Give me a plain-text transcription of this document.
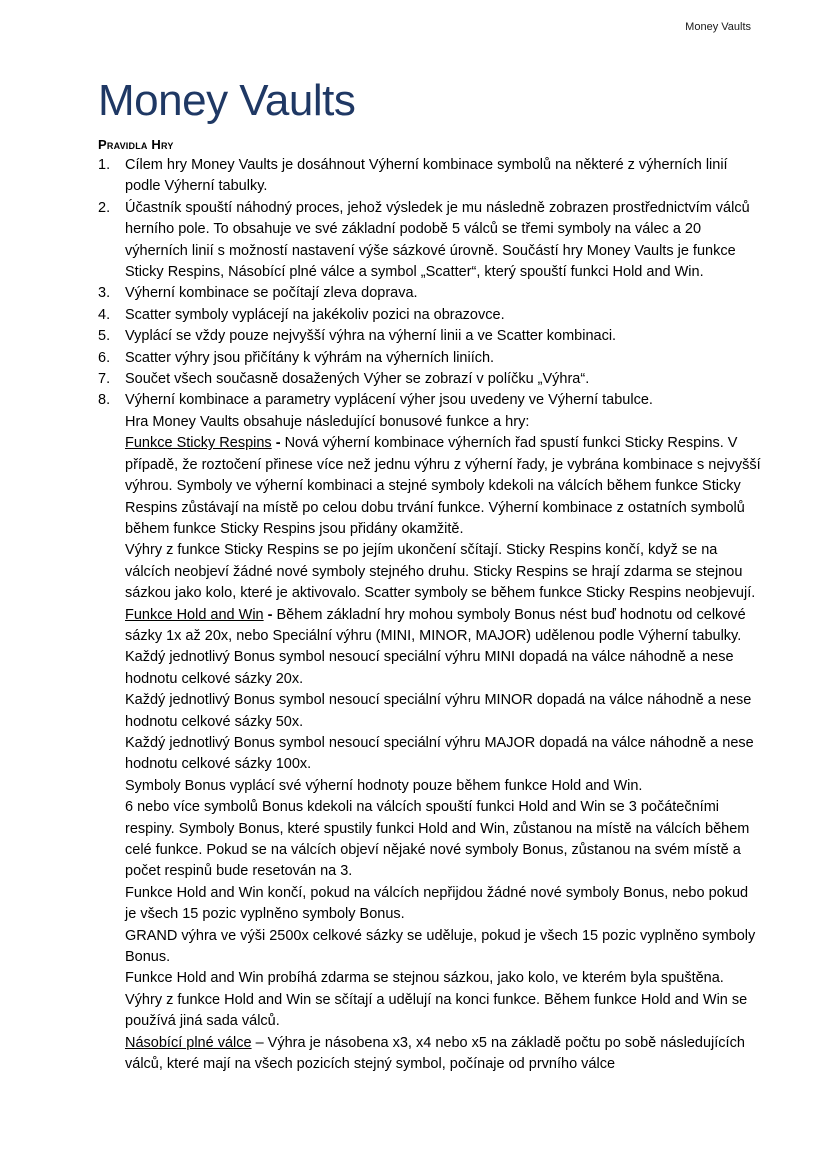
Money Vaults
Money Vaults
Pravidla Hry
1.	Cílem hry Money Vaults je dosáhnout Výherní kombinace symbolů na některé z výherních linií podle Výherní tabulky.

2.	Účastník spouští náhodný proces, jehož výsledek je mu následně zobrazen prostřednictvím válců herního pole. To obsahuje ve své základní podobě 5 válců se třemi symboly na válec a 20 výherních linií s možností nastavení výše sázkové úrovně. Součástí hry Money Vaults je funkce Sticky Respins, Násobící plné válce a symbol „Scatter“, který spouští funkci Hold and Win.

3.	Výherní kombinace se počítají zleva doprava.

4.	Scatter symboly vyplácejí na jakékoliv pozici na obrazovce.

5.	Vyplácí se vždy pouze nejvyšší výhra na výherní linii a ve Scatter kombinaci.

6.	Scatter výhry jsou přičítány k výhrám na výherních liniích.

7.	Součet všech současně dosažených Výher se zobrazí v políčku „Výhra“.

8.	Výherní kombinace a parametry vyplácení výher jsou uvedeny ve Výherní tabulce.

Hra Money Vaults obsahuje následující bonusové funkce a hry:

Funkce Sticky Respins - Nová výherní kombinace výherních řad spustí funkci Sticky Respins. V případě, že roztočení přinese více než jednu výhru z výherní řady, je vybrána kombinace s nejvyšší výhrou. Symboly ve výherní kombinaci a stejné symboly kdekoli na válcích během funkce Sticky Respins zůstávají na místě po celou dobu trvání funkce. Výherní kombinace z ostatních symbolů během funkce Sticky Respins jsou přidány okamžitě.

Výhry z funkce Sticky Respins se po jejím ukončení sčítají. Sticky Respins končí, když se na válcích neobjeví žádné nové symboly stejného druhu. Sticky Respins se hrají zdarma se stejnou sázkou jako kolo, které je aktivovalo. Scatter symboly se během funkce Sticky Respins neobjevují.

Funkce Hold and Win - Během základní hry mohou symboly Bonus nést buď hodnotu od celkové sázky 1x až 20x, nebo Speciální výhru (MINI, MINOR, MAJOR) udělenou podle Výherní tabulky.

Každý jednotlivý Bonus symbol nesoucí speciální výhru MINI dopadá na válce náhodně a nese hodnotu celkové sázky 20x.

Každý jednotlivý Bonus symbol nesoucí speciální výhru MINOR dopadá na válce náhodně a nese hodnotu celkové sázky 50x.

Každý jednotlivý Bonus symbol nesoucí speciální výhru MAJOR dopadá na válce náhodně a nese hodnotu celkové sázky 100x.

Symboly Bonus vyplácí své výherní hodnoty pouze během funkce Hold and Win.

6 nebo více symbolů Bonus kdekoli na válcích spouští funkci Hold and Win se 3 počátečními respiny. Symboly Bonus, které spustily funkci Hold and Win, zůstanou na místě na válcích během celé funkce. Pokud se na válcích objeví nějaké nové symboly Bonus, zůstanou na svém místě a počet respinů bude resetován na 3.

Funkce Hold and Win končí, pokud na válcích nepřijdou žádné nové symboly Bonus, nebo pokud je všech 15 pozic vyplněno symboly Bonus.

GRAND výhra ve výši 2500x celkové sázky se uděluje, pokud je všech 15 pozic vyplněno symboly Bonus.

Funkce Hold and Win probíhá zdarma se stejnou sázkou, jako kolo, ve kterém byla spuštěna.

Výhry z funkce Hold and Win se sčítají a udělují na konci funkce. Během funkce Hold and Win se používá jiná sada válců.

Násobící plné válce – Výhra je násobena x3, x4 nebo x5 na základě počtu po sobě následujících válců, které mají na všech pozicích stejný symbol, počínaje od prvního válce
